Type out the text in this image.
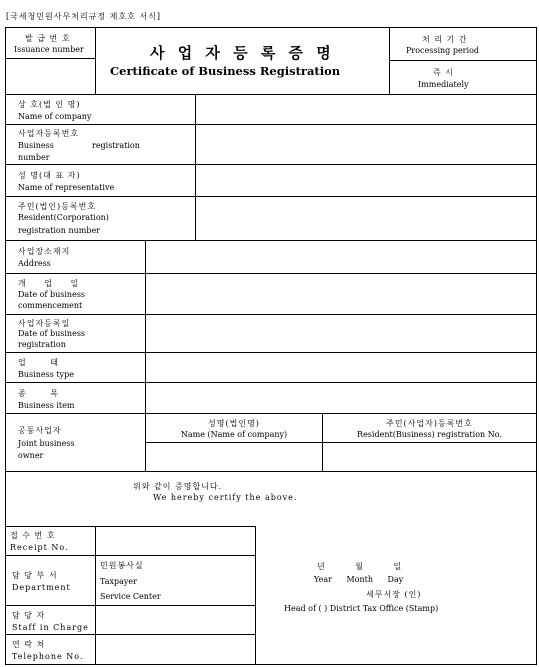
[국세청민원사무처리규정 제호호 서식]
발 급 번 호
Issuance number	사 업 자 등 록 증 명
Certificate of Business Registration
처 리 기 간
Processing period
즉 시
Immediately
상 호(법 인 명)
Name of company
사업자등록번호
Business	registration
number
성 명(대 표 자)
Name of representative
주민(법인)등록번호
Resident(Corporation)
registration number
사업장소재지
Address
개 업 일
Date of business
commencement
사업자등록일
Date of business
registration
업 태
Business type
종 목
Business item
공동사업자
Joint business
owner
성명(법인명)
Name (Name of company)
주민(사업자)등록번호
Resident(Business) registration No.
위와 같이 증명합니다.
We hereby certify the above.
접 수 번 호
Receipt No.
담 당 부 서
Department
민원봉사실
Taxpayer
Service Center
담 당 자
Staff in Charge
연 락 처
Telephone No.
년 월 일
Year Month Day
세무서장 (인)
Head of ( ) District Tax Office (Stamp)
